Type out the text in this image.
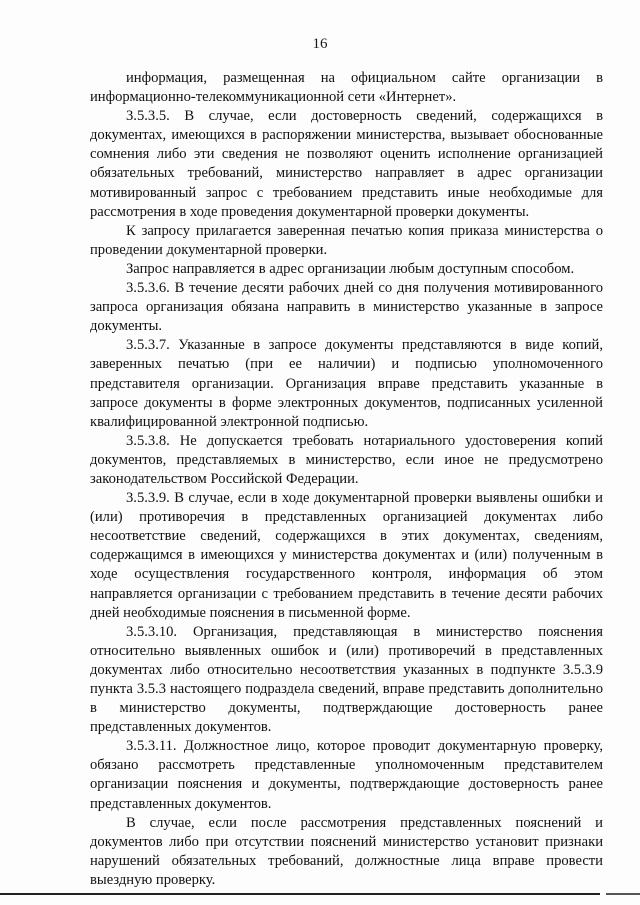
16

информация, размещенная на официальном сайте организации в информационно-телекоммуникационной сети «Интернет».

3.5.3.5. В случае, если достоверность сведений, содержащихся в документах, имеющихся в распоряжении министерства, вызывает обоснованные сомнения либо эти сведения не позволяют оценить исполнение организацией обязательных требований, министерство направляет в адрес организации мотивированный запрос с требованием представить иные необходимые для рассмотрения в ходе проведения документарной проверки документы.

К запросу прилагается заверенная печатью копия приказа министерства о проведении документарной проверки.

Запрос направляется в адрес организации любым доступным способом.

3.5.3.6. В течение десяти рабочих дней со дня получения мотивированного запроса организация обязана направить в министерство указанные в запросе документы.

3.5.3.7. Указанные в запросе документы представляются в виде копий, заверенных печатью (при ее наличии) и подписью уполномоченного представителя организации. Организация вправе представить указанные в запросе документы в форме электронных документов, подписанных усиленной квалифицированной электронной подписью.

3.5.3.8. Не допускается требовать нотариального удостоверения копий документов, представляемых в министерство, если иное не предусмотрено законодательством Российской Федерации.

3.5.3.9. В случае, если в ходе документарной проверки выявлены ошибки и (или) противоречия в представленных организацией документах либо несоответствие сведений, содержащихся в этих документах, сведениям, содержащимся в имеющихся у министерства документах и (или) полученным в ходе осуществления государственного контроля, информация об этом направляется организации с требованием представить в течение десяти рабочих дней необходимые пояснения в письменной форме.

3.5.3.10. Организация, представляющая в министерство пояснения относительно выявленных ошибок и (или) противоречий в представленных документах либо относительно несоответствия указанных в подпункте 3.5.3.9 пункта 3.5.3 настоящего подраздела сведений, вправе представить дополнительно в министерство документы, подтверждающие достоверность ранее представленных документов.

3.5.3.11. Должностное лицо, которое проводит документарную проверку, обязано рассмотреть представленные уполномоченным представителем организации пояснения и документы, подтверждающие достоверность ранее представленных документов.

В случае, если после рассмотрения представленных пояснений и документов либо при отсутствии пояснений министерство установит признаки нарушений обязательных требований, должностные лица вправе провести выездную проверку.
